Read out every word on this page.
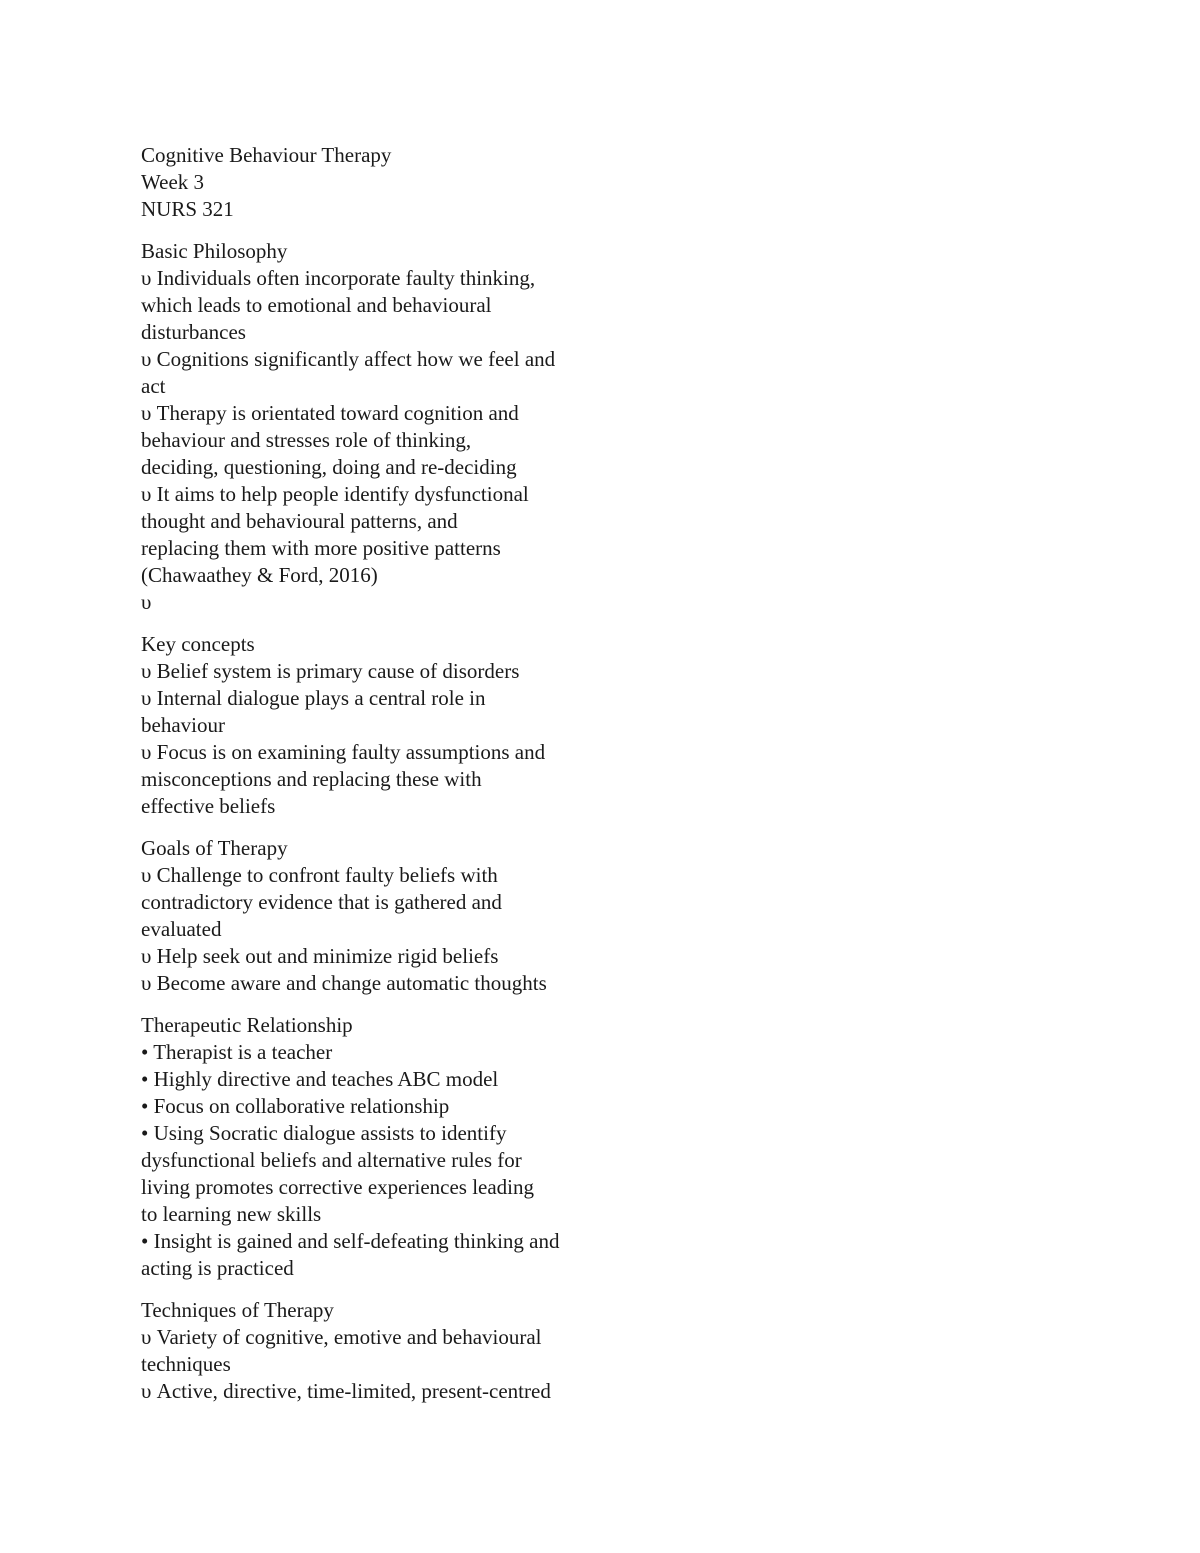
Cognitive Behaviour Therapy
Week 3
NURS 321
Basic Philosophy
υ Individuals often incorporate faulty thinking,
which leads to emotional and behavioural
disturbances
υ Cognitions significantly affect how we feel and
act
υ Therapy is orientated toward cognition and
behaviour and stresses role of thinking,
deciding, questioning, doing and re-deciding
υ It aims to help people identify dysfunctional
thought and behavioural patterns, and
replacing them with more positive patterns
(Chawaathey & Ford, 2016)
υ
Key concepts
υ Belief system is primary cause of disorders
υ Internal dialogue plays a central role in
behaviour
υ Focus is on examining faulty assumptions and
misconceptions and replacing these with
effective beliefs
Goals of Therapy
υ Challenge to confront faulty beliefs with
contradictory evidence that is gathered and
evaluated
υ Help seek out and minimize rigid beliefs
υ Become aware and change automatic thoughts
Therapeutic Relationship
• Therapist is a teacher
• Highly directive and teaches ABC model
• Focus on collaborative relationship
• Using Socratic dialogue assists to identify
dysfunctional beliefs and alternative rules for
living promotes corrective experiences leading
to learning new skills
• Insight is gained and self-defeating thinking and
acting is practiced
Techniques of Therapy
υ Variety of cognitive, emotive and behavioural
techniques
υ Active, directive, time-limited, present-centred
